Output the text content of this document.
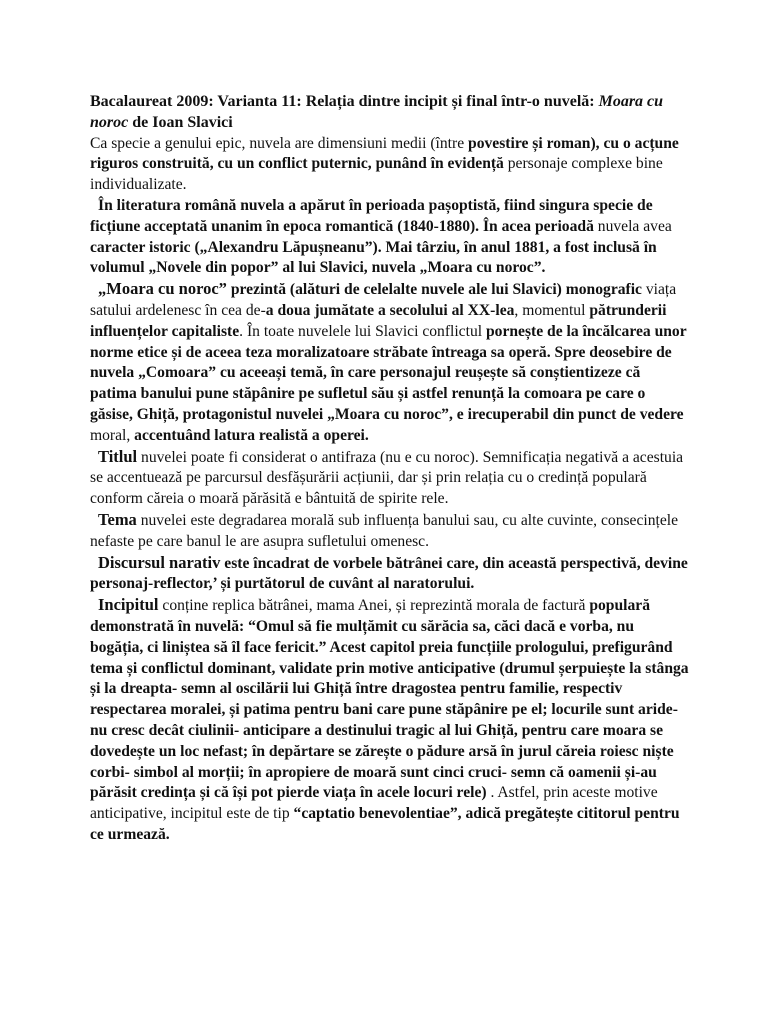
Bacalaureat 2009: Varianta 11: Relația dintre incipit și final într-o nuvelă: Moara cu noroc de Ioan Slavici

Ca specie a genului epic, nuvela are dimensiuni medii (între povestire și roman), cu o acțune riguros construită, cu un conflict puternic, punând în evidență personaje complexe bine individualizate.

În literatura română nuvela a apărut în perioada pașoptistă, fiind singura specie de ficțiune acceptată unanim în epoca romantică (1840-1880). În acea perioadă nuvela avea caracter istoric („Alexandru Lăpușneanu”). Mai târziu, în anul 1881, a fost inclusă în volumul „Novele din popor” al lui Slavici, nuvela „Moara cu noroc”.

„Moara cu noroc” prezintă (alături de celelalte nuvele ale lui Slavici) monografic viața satului ardelenesc în cea de-a doua jumătate a secolului al XX-lea, momentul pătrunderii influențelor capitaliste. În toate nuvelele lui Slavici conflictul pornește de la încălcarea unor norme etice și de aceea teza moralizatoare străbate întreaga sa operă. Spre deosebire de nuvela „Comoara” cu aceeași temă, în care personajul reușește să conștientizeze că patima banului pune stăpânire pe sufletul său și astfel renunță la comoara pe care o găsise, Ghiță, protagonistul nuvelei „Moara cu noroc”, e irecuperabil din punct de vedere moral, accentuând latura realistă a operei.

Titlul nuvelei poate fi considerat o antifraza (nu e cu noroc). Semnificația negativă a acestuia se accentuează pe parcursul desfășurării acțiunii, dar și prin relația cu o credință populară conform căreia o moară părăsită e bântuită de spirite rele.

Tema nuvelei este degradarea morală sub influența banului sau, cu alte cuvinte, consecințele nefaste pe care banul le are asupra sufletului omenesc.

Discursul narativ este încadrat de vorbele bătrânei care, din această perspectivă, devine personaj-reflector,’ și purtătorul de cuvânt al naratorului.

Incipitul conține replica bătrânei, mama Anei, și reprezintă morala de factură populară demonstrată în nuvelă: “Omul să fie mulțămit cu sărăcia sa, căci dacă e vorba, nu bogăția, ci liniștea să îl face fericit.” Acest capitol preia funcțiile prologului, prefigurând tema și conflictul dominant, validate prin motive anticipative (drumul șerpuiește la stânga și la dreapta- semn al oscilării lui Ghiță între dragostea pentru familie, respectiv respectarea moralei, și patima pentru bani care pune stăpânire pe el; locurile sunt aride- nu cresc decât ciulinii- anticipare a destinului tragic al lui Ghiță, pentru care moara se dovedește un loc nefast; în depărtare se zărește o pădure arsă în jurul căreia roiesc niște corbi- simbol al morții; în apropiere de moară sunt cinci cruci- semn că oamenii și-au părăsit credința și că își pot pierde viața în acele locuri rele) . Astfel, prin aceste motive anticipative, incipitul este de tip “captatio benevolentiae”, adică pregătește cititorul pentru ce urmează.
